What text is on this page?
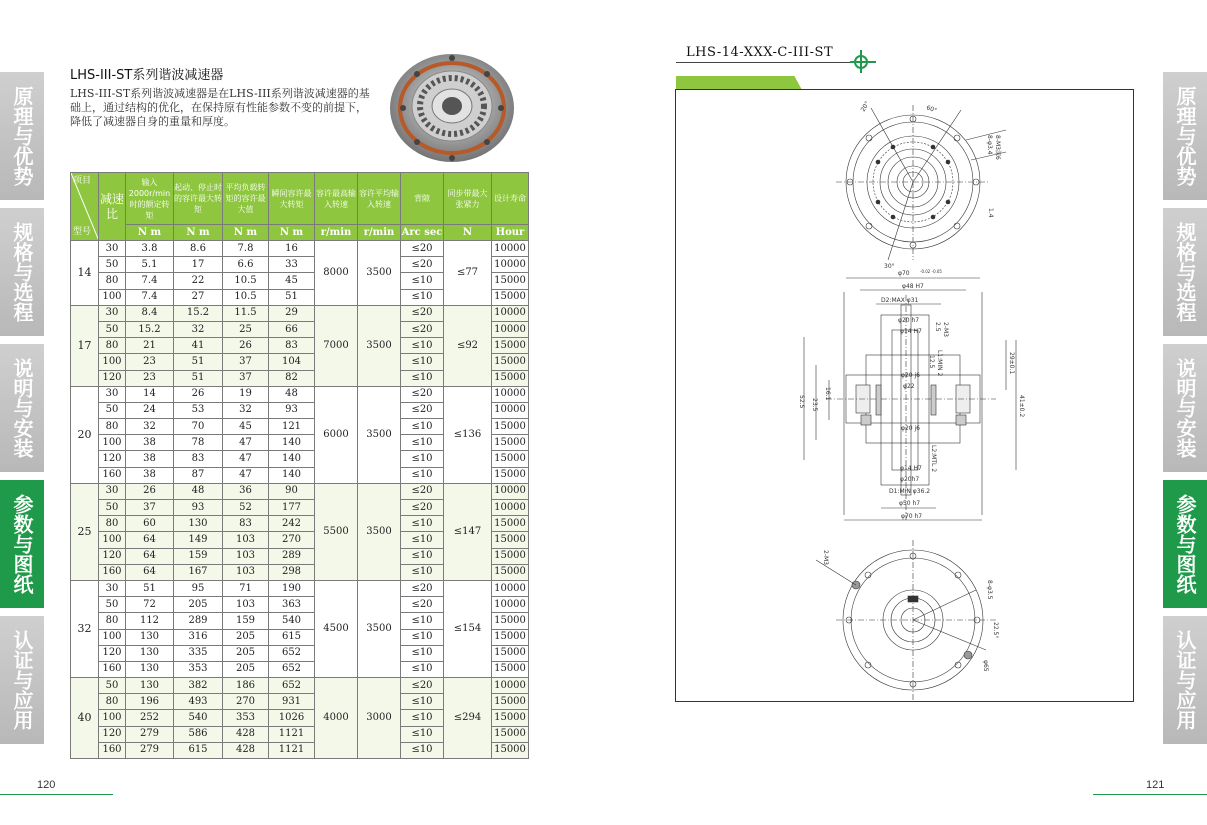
原理与优势
规格与选程
说明与安装
参数与图纸
认证与应用
原理与优势
规格与选程
说明与安装
参数与图纸
认证与应用
LHS-III-ST系列谐波减速器
LHS-III-ST系列谐波减速器是在LHS-III系列谐波减速器的基础上，通过结构的优化，在保持原有性能参数不变的前提下，降低了减速器自身的重量和厚度。
项目
型号	减速比	输入2000r/min时的额定转矩	起动、停止时的容许最大转矩	平均负载转矩的容许最大值	瞬间容许最大转矩	容许最高输入转速	容许平均输入转速	背隙	同步带最大张紧力	设计寿命
		N m	N m	N m	N m	r/min	r/min	Arc sec	N	Hour
14	30	3.8	8.6	7.8	16	8000	3500	≤20	≤77	10000
	50	5.1	17	6.6	33			≤20		10000
	80	7.4	22	10.5	45			≤10		15000
	100	7.4	27	10.5	51			≤10		15000
17	30	8.4	15.2	11.5	29	7000	3500	≤20	≤92	10000
	50	15.2	32	25	66			≤20		10000
	80	21	41	26	83			≤10		15000
	100	23	51	37	104			≤10		15000
	120	23	51	37	82			≤10		15000
20	30	14	26	19	48	6000	3500	≤20	≤136	10000
	50	24	53	32	93			≤20		10000
	80	32	70	45	121			≤10		15000
	100	38	78	47	140			≤10		15000
	120	38	83	47	140			≤10		15000
	160	38	87	47	140			≤10		15000
25	30	26	48	36	90	5500	3500	≤20	≤147	10000
	50	37	93	52	177			≤20		10000
	80	60	130	83	242			≤10		15000
	100	64	149	103	270			≤10		15000
	120	64	159	103	289			≤10		15000
	160	64	167	103	298			≤10		15000
32	30	51	95	71	190	4500	3500	≤20	≤154	10000
	50	72	205	103	363			≤20		10000
	80	112	289	159	540			≤10		15000
	100	130	316	205	615			≤10		15000
	120	130	335	205	652			≤10		15000
	160	130	353	205	652			≤10		15000
40	50	130	382	186	652	4000	3000	≤20	≤294	10000
	80	196	493	270	931			≤10		15000
	100	252	540	353	1026			≤10		15000
	120	279	586	428	1121			≤10		15000
	160	279	615	428	1121			≤10		15000
120	121
LHS-14-XXX-C-III-ST
20°	60°
30°
8-φ3.4 8-M3深6
1.4
φ70	-0.02 -0.05
φ48 H7
D2:MAX φ31
φ20 h7
φ14 H7
φ20 j6
φ22
φ20 j6
φ14 H7
φ20h7
D1:MIN φ36.2
φ50 h7
φ70 h7
52.5 23.5
16.1
29±0.1
41±0.2
12.5
2.5 2-M3
L2:MTL 2
L1:MIN 2
2-M3
8-φ3.5
22.5°
φ65
